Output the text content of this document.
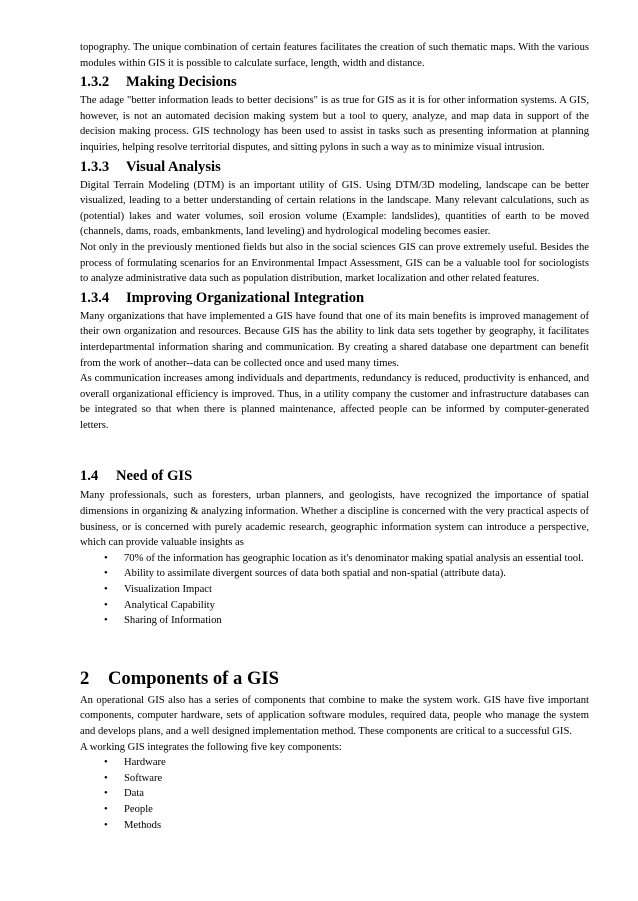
topography. The unique combination of certain features facilitates the creation of such thematic maps. With the various modules within GIS it is possible to calculate surface, length, width and distance.

1.3.2 Making Decisions

The adage "better information leads to better decisions" is as true for GIS as it is for other information systems. A GIS, however, is not an automated decision making system but a tool to query, analyze, and map data in support of the decision making process. GIS technology has been used to assist in tasks such as presenting information at planning inquiries, helping resolve territorial disputes, and sitting pylons in such a way as to minimize visual intrusion.

1.3.3 Visual Analysis

Digital Terrain Modeling (DTM) is an important utility of GIS. Using DTM/3D modeling, landscape can be better visualized, leading to a better understanding of certain relations in the landscape. Many relevant calculations, such as (potential) lakes and water volumes, soil erosion volume (Example: landslides), quantities of earth to be moved (channels, dams, roads, embankments, land leveling) and hydrological modeling becomes easier.

Not only in the previously mentioned fields but also in the social sciences GIS can prove extremely useful. Besides the process of formulating scenarios for an Environmental Impact Assessment, GIS can be a valuable tool for sociologists to analyze administrative data such as population distribution, market localization and other related features.

1.3.4 Improving Organizational Integration

Many organizations that have implemented a GIS have found that one of its main benefits is improved management of their own organization and resources. Because GIS has the ability to link data sets together by geography, it facilitates interdepartmental information sharing and communication. By creating a shared database one department can benefit from the work of another--data can be collected once and used many times.

As communication increases among individuals and departments, redundancy is reduced, productivity is enhanced, and overall organizational efficiency is improved. Thus, in a utility company the customer and infrastructure databases can be integrated so that when there is planned maintenance, affected people can be informed by computer-generated letters.

1.4 Need of GIS

Many professionals, such as foresters, urban planners, and geologists, have recognized the importance of spatial dimensions in organizing & analyzing information. Whether a discipline is concerned with the very practical aspects of business, or is concerned with purely academic research, geographic information system can introduce a perspective, which can provide valuable insights as

• 70% of the information has geographic location as it's denominator making spatial analysis an essential tool.
• Ability to assimilate divergent sources of data both spatial and non-spatial (attribute data).
• Visualization Impact
• Analytical Capability
• Sharing of Information
2 Components of a GIS

An operational GIS also has a series of components that combine to make the system work. GIS have five important components, computer hardware, sets of application software modules, required data, people who manage the system and develops plans, and a well designed implementation method. These components are critical to a successful GIS.

A working GIS integrates the following five key components:

• Hardware
• Software
• Data
• People
• Methods
